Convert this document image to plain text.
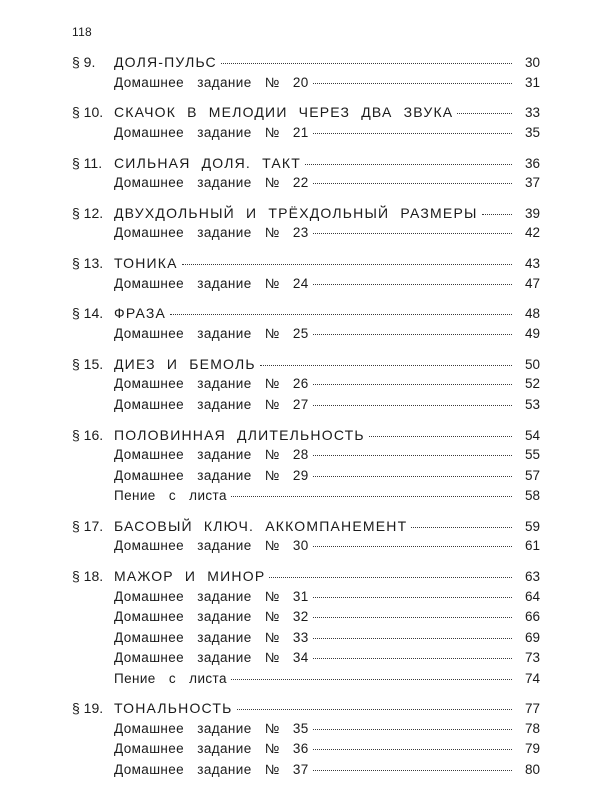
118
§ 9.	ДОЛЯ-ПУЛЬС	30
Домашнее задание № 20	31
§ 10. СКАЧОК В МЕЛОДИИ ЧЕРЕЗ ДВА ЗВУКА	33
Домашнее задание № 21	35
§ 11. СИЛЬНАЯ ДОЛЯ. ТАКТ	36
Домашнее задание № 22	37
§ 12. ДВУХДОЛЬНЫЙ И ТРЁХДОЛЬНЫЙ РАЗМЕРЫ	39
Домашнее задание № 23	42
§ 13. ТОНИКА	43
Домашнее задание № 24	47
§ 14. ФРАЗА	48
Домашнее задание № 25	49
§ 15. ДИЕЗ И БЕМОЛЬ	50
Домашнее задание № 26	52
Домашнее задание № 27	53
§ 16. ПОЛОВИННАЯ ДЛИТЕЛЬНОСТЬ	54
Домашнее задание № 28	55
Домашнее задание № 29	57
Пение с листа	58
§ 17. БАСОВЫЙ КЛЮЧ. АККОМПАНЕМЕНТ	59
Домашнее задание № 30	61
§ 18. МАЖОР И МИНОР	63
Домашнее задание № 31	64
Домашнее задание № 32	66
Домашнее задание № 33	69
Домашнее задание № 34	73
Пение с листа	74
§ 19. ТОНАЛЬНОСТЬ	77
Домашнее задание № 35	78
Домашнее задание № 36	79
Домашнее задание № 37	80
